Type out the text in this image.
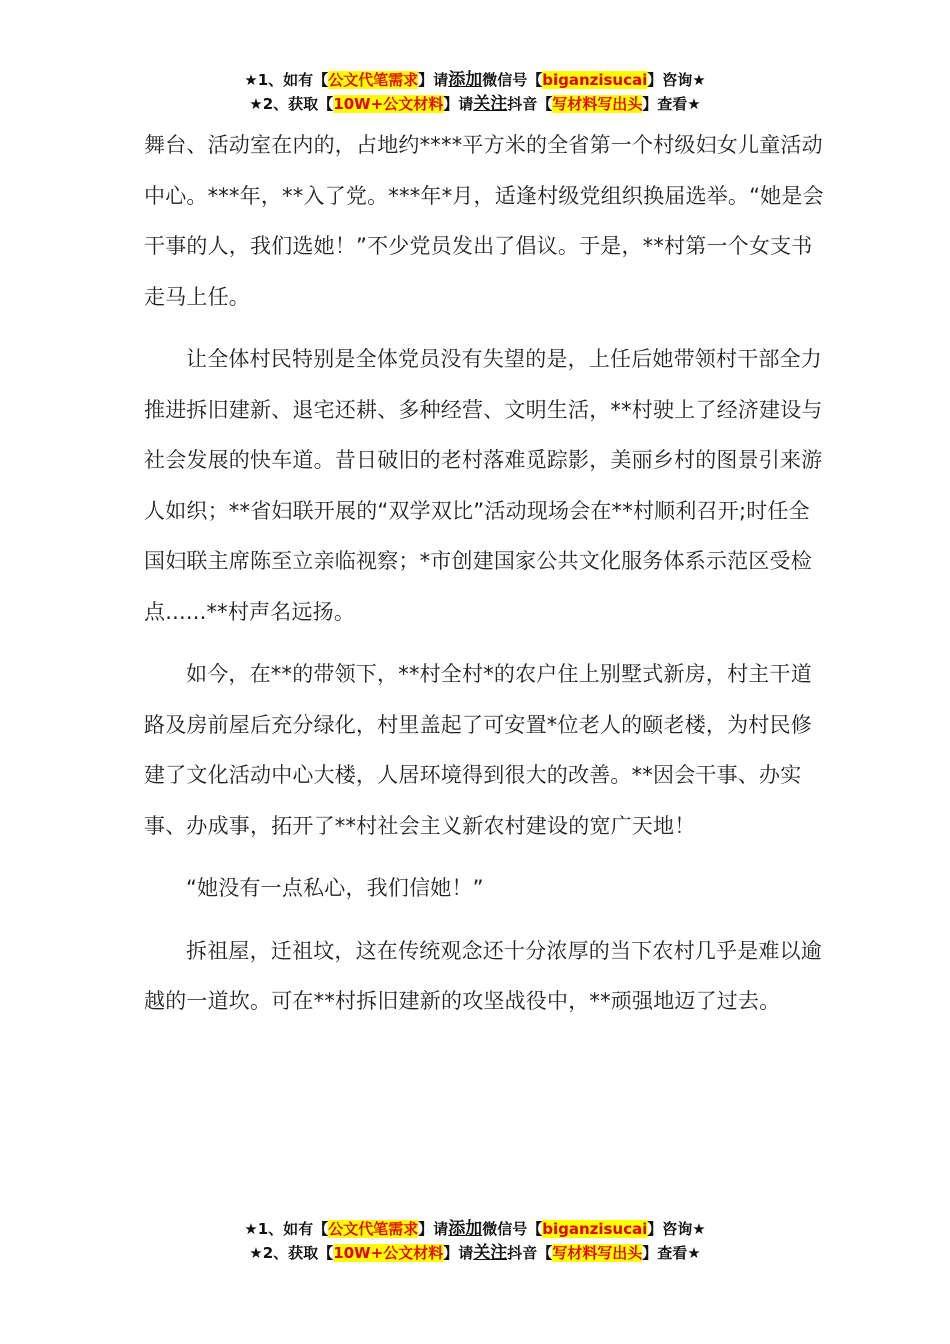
★1、如有【公文代笔需求】请添加微信号【biganzisucai】咨询★
★2、获取【10W+公文材料】请关注抖音【写材料写出头】查看★

舞台、活动室在内的，占地约****平方米的全省第一个村级妇女儿童活动中心。***年，**入了党。***年*月，适逢村级党组织换届选举。“她是会干事的人，我们选她！”不少党员发出了倡议。于是，**村第一个女支书走马上任。

让全体村民特别是全体党员没有失望的是，上任后她带领村干部全力推进拆旧建新、退宅还耕、多种经营、文明生活，**村驶上了经济建设与社会发展的快车道。昔日破旧的老村落难觅踪影，美丽乡村的图景引来游人如织；**省妇联开展的“双学双比”活动现场会在**村顺利召开;时任全国妇联主席陈至立亲临视察；*市创建国家公共文化服务体系示范区受检点......**村声名远扬。

如今，在**的带领下，**村全村*的农户住上别墅式新房，村主干道路及房前屋后充分绿化，村里盖起了可安置*位老人的颐老楼，为村民修建了文化活动中心大楼，人居环境得到很大的改善。**因会干事、办实事、办成事，拓开了**村社会主义新农村建设的宽广天地！

“她没有一点私心，我们信她！”

拆祖屋，迁祖坟，这在传统观念还十分浓厚的当下农村几乎是难以逾越的一道坎。可在**村拆旧建新的攻坚战役中，**顽强地迈了过去。

★1、如有【公文代笔需求】请添加微信号【biganzisucai】咨询★
★2、获取【10W+公文材料】请关注抖音【写材料写出头】查看★
